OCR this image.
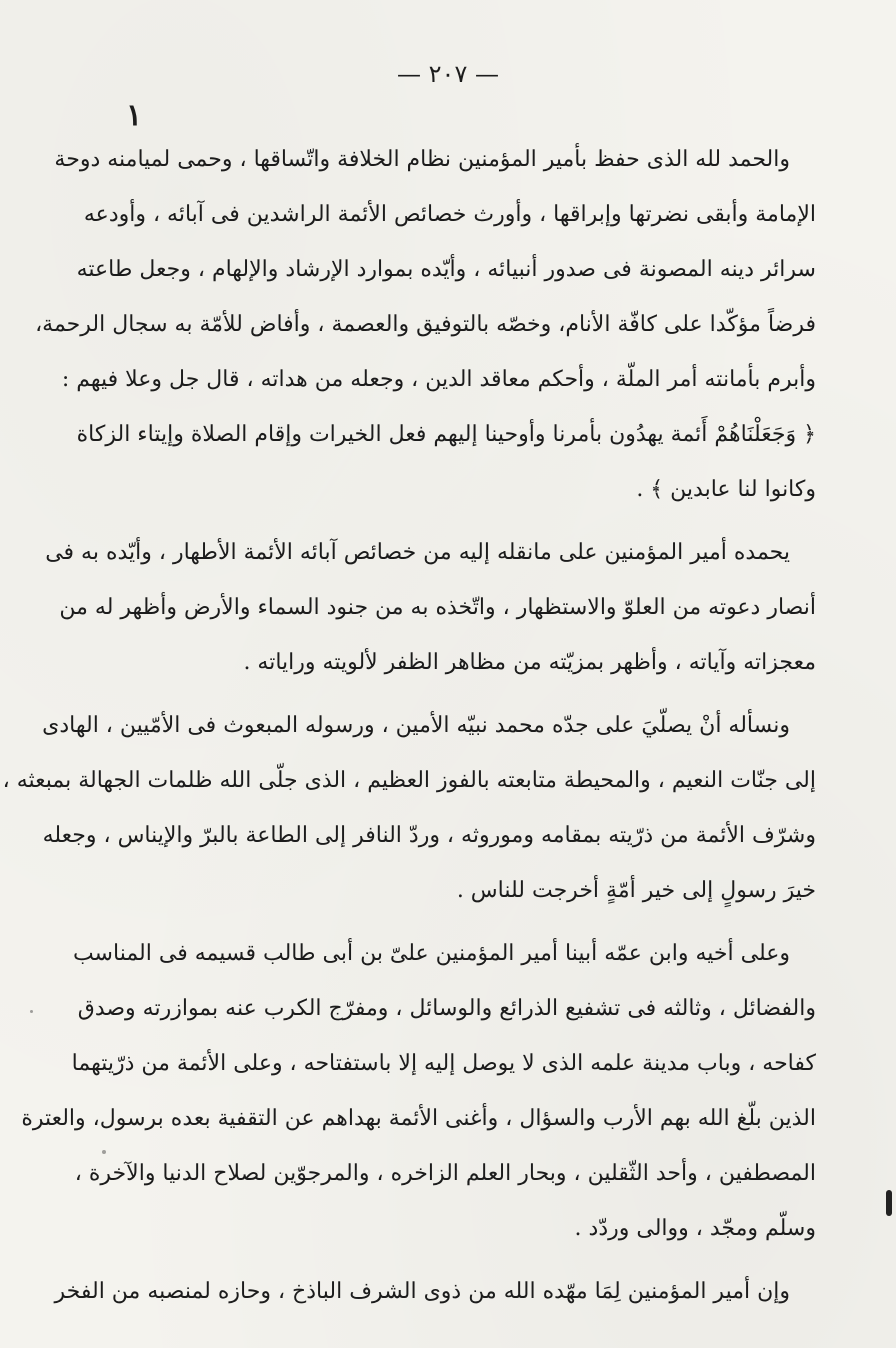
— ٢٠٧ —
١
والحمد لله الذى حفظ بأمير المؤمنين نظام الخلافة واتّساقها ، وحمى لميامنه دوحة
الإمامة وأبقى نضرتها وإبراقها ، وأورث خصائص الأئمة الراشدين فى آبائه ، وأودعه
سرائر دينه المصونة فى صدور أنبيائه ، وأيّده بموارد الإرشاد والإلهام ، وجعل طاعته
فرضاً مؤكّدا على كافّة الأنام، وخصّه بالتوفيق والعصمة ، وأفاض للأمّة به سجال الرحمة،
وأبرم بأمانته أمر الملّة ، وأحكم معاقد الدين ، وجعله من هداته ، قال جل وعلا فيهم :
﴿ وَجَعَلْنَاهُمْ أَئمة يهدُون بأمرنا وأوحينا إليهم فعل الخيرات وإقام الصلاة وإيتاء الزكاة
وكانوا لنا عابدين ﴾ .
يحمده أمير المؤمنين على مانقله إليه من خصائص آبائه الأئمة الأطهار ، وأيّده به فى
أنصار دعوته من العلوّ والاستظهار ، واتّخذه به من جنود السماء والأرض وأظهر له من
معجزاته وآياته ، وأظهر بمزيّته من مظاهر الظفر لألويته وراياته .
ونسأله أنْ يصلّيَ على جدّه محمد نبيّه الأمين ، ورسوله المبعوث فى الأمّيين ، الهادى
إلى جنّات النعيم ، والمحيطة متابعته بالفوز العظيم ، الذى جلّى الله ظلمات الجهالة بمبعثه ،
وشرّف الأئمة من ذرّيته بمقامه وموروثه ، وردّ النافر إلى الطاعة بالبرّ والإيناس ، وجعله
خيرَ رسولٍ إلى خير أمّةٍ أخرجت للناس .
وعلى أخيه وابن عمّه أبينا أمير المؤمنين علىّ بن أبى طالب قسيمه فى المناسب
والفضائل ، وثالثه فى تشفيع الذرائع والوسائل ، ومفرّج الكرب عنه بموازرته وصدق
كفاحه ، وباب مدينة علمه الذى لا يوصل إليه إلا باستفتاحه ، وعلى الأئمة من ذرّيتهما
الذين بلّغ الله بهم الأرب والسؤال ، وأغنى الأئمة بهداهم عن التقفية بعده برسول، والعترة
المصطفين ، وأحد الثّقلين ، وبحار العلم الزاخره ، والمرجوّين لصلاح الدنيا والآخرة ،
وسلّم ومجّد ، ووالى وردّد .
وإن أمير المؤمنين لِمَا مهّده الله من ذوى الشرف الباذخ ، وحازه لمنصبه من الفخر
